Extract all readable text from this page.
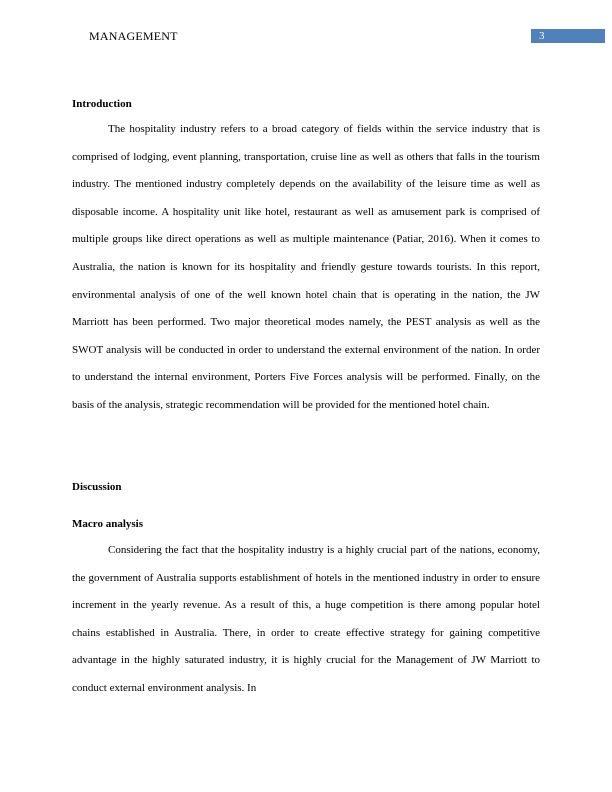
MANAGEMENT	3
Introduction

The hospitality industry refers to a broad category of fields within the service industry that is comprised of lodging, event planning, transportation, cruise line as well as others that falls in the tourism industry. The mentioned industry completely depends on the availability of the leisure time as well as disposable income. A hospitality unit like hotel, restaurant as well as amusement park is comprised of multiple groups like direct operations as well as multiple maintenance (Patiar, 2016). When it comes to Australia, the nation is known for its hospitality and friendly gesture towards tourists. In this report, environmental analysis of one of the well known hotel chain that is operating in the nation, the JW Marriott has been performed. Two major theoretical modes namely, the PEST analysis as well as the SWOT analysis will be conducted in order to understand the external environment of the nation. In order to understand the internal environment, Porters Five Forces analysis will be performed. Finally, on the basis of the analysis, strategic recommendation will be provided for the mentioned hotel chain.

Discussion
Macro analysis

Considering the fact that the hospitality industry is a highly crucial part of the nations, economy, the government of Australia supports establishment of hotels in the mentioned industry in order to ensure increment in the yearly revenue. As a result of this, a huge competition is there among popular hotel chains established in Australia. There, in order to create effective strategy for gaining competitive advantage in the highly saturated industry, it is highly crucial for the Management of JW Marriott to conduct external environment analysis. In
